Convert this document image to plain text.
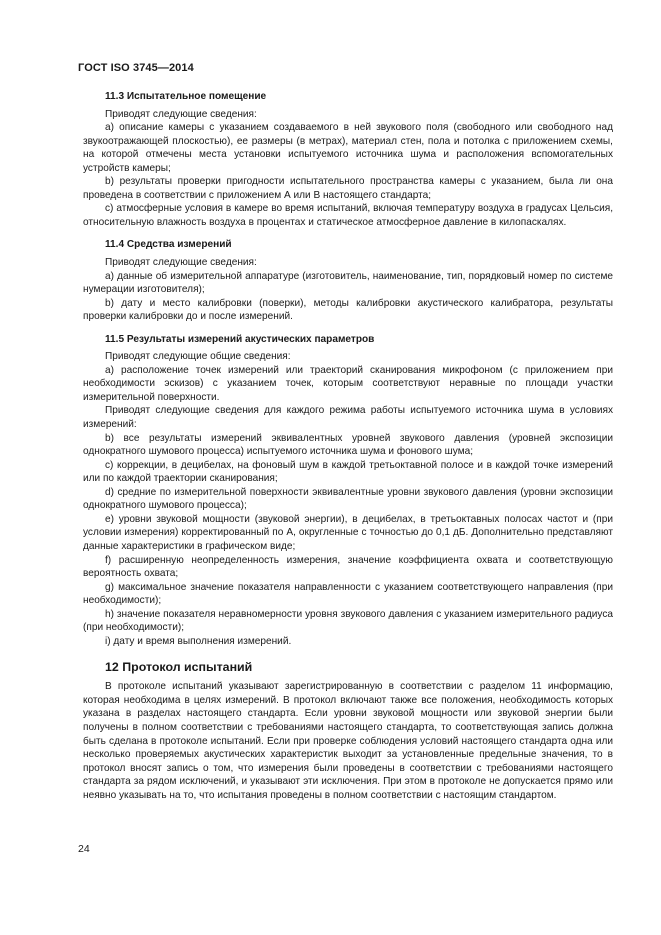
ГОСТ ISO 3745—2014

11.3 Испытательное помещение

Приводят следующие сведения:

а) описание камеры с указанием создаваемого в ней звукового поля (свободного или свободного над звукоотражающей плоскостью), ее размеры (в метрах), материал стен, пола и потолка с приложением схемы, на которой отмечены места установки испытуемого источника шума и расположения вспомогательных устройств камеры;

b) результаты проверки пригодности испытательного пространства камеры с указанием, была ли она проведена в соответствии с приложением А или В настоящего стандарта;

с) атмосферные условия в камере во время испытаний, включая температуру воздуха в градусах Цельсия, относительную влажность воздуха в процентах и статическое атмосферное давление в килопаскалях.

11.4 Средства измерений

Приводят следующие сведения:

а) данные об измерительной аппаратуре (изготовитель, наименование, тип, порядковый номер по системе нумерации изготовителя);

b) дату и место калибровки (поверки), методы калибровки акустического калибратора, результаты проверки калибровки до и после измерений.

11.5 Результаты измерений акустических параметров

Приводят следующие общие сведения:

а) расположение точек измерений или траекторий сканирования микрофоном (с приложением при необходимости эскизов) с указанием точек, которым соответствуют неравные по площади участки измерительной поверхности.

Приводят следующие сведения для каждого режима работы испытуемого источника шума в условиях измерений:

b) все результаты измерений эквивалентных уровней звукового давления (уровней экспозиции однократного шумового процесса) испытуемого источника шума и фонового шума;

с) коррекции, в децибелах, на фоновый шум в каждой третьоктавной полосе и в каждой точке измерений или по каждой траектории сканирования;

d) средние по измерительной поверхности эквивалентные уровни звукового давления (уровни экспозиции однократного шумового процесса);

е) уровни звуковой мощности (звуковой энергии), в децибелах, в третьоктавных полосах частот и (при условии измерения) корректированный по А, округленные с точностью до 0,1 дБ. Дополнительно представляют данные характеристики в графическом виде;

f) расширенную неопределенность измерения, значение коэффициента охвата и соответствующую вероятность охвата;

g) максимальное значение показателя направленности с указанием соответствующего направления (при необходимости);

h) значение показателя неравномерности уровня звукового давления с указанием измерительного радиуса (при необходимости);

i) дату и время выполнения измерений.

12 Протокол испытаний

В протоколе испытаний указывают зарегистрированную в соответствии с разделом 11 информацию, которая необходима в целях измерений. В протокол включают также все положения, необходимость которых указана в разделах настоящего стандарта. Если уровни звуковой мощности или звуковой энергии были получены в полном соответствии с требованиями настоящего стандарта, то соответствующая запись должна быть сделана в протоколе испытаний. Если при проверке соблюдения условий настоящего стандарта одна или несколько проверяемых акустических характеристик выходит за установленные предельные значения, то в протокол вносят запись о том, что измерения были проведены в соответствии с требованиями настоящего стандарта за рядом исключений, и указывают эти исключения. При этом в протоколе не допускается прямо или неявно указывать на то, что испытания проведены в полном соответствии с настоящим стандартом.

24
